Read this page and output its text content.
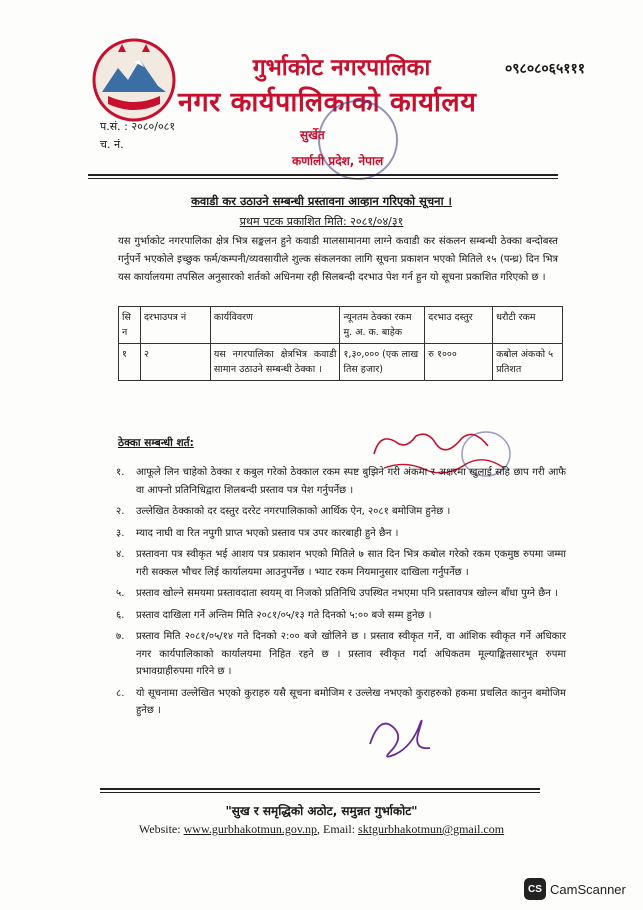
गुर्भाकोट नगरपालिका
नगर कार्यपालिकाको कार्यालय
०९८०८०६५१११
प.सं. : २०८०/०८१
च. नं.
सुर्खेत
कर्णाली प्रदेश, नेपाल
कवाडी कर उठाउने सम्बन्धी प्रस्तावना आव्हान गरिएको सूचना ।
प्रथम पटक प्रकाशित मिति: २०८१/०४/३१
यस गुर्भाकोट नगरपालिका क्षेत्र भित्र सङ्कलन हुने कवाडी मालसामानमा लाग्ने कवाडी कर संकलन सम्बन्धी ठेक्का बन्दोबस्त गर्नुपर्ने भएकोले इच्छुक फर्म/कम्पनी/व्यवसायीले शुल्क संकलनका लागि सूचना प्रकाशन भएको मितिले १५ (पन्ध्र) दिन भित्र यस कार्यालयमा तपसिल अनुसारको शर्तको अधिनमा रही सिलबन्दी दरभाउ पेश गर्न हुन यो सूचना प्रकाशित गरिएको छ ।
सि न	दरभाउपत्र नं	कार्यविवरण	न्यूनतम ठेक्का रकम मु. अ. क. बाहेक	दरभाउ दस्तुर	धरौटी रकम
१	२	यस नगरपालिका क्षेत्रभित्र कवाडी सामान उठाउने सम्बन्धी ठेक्का ।	१,३०,००० (एक लाख तिस हजार)	रु १०००	कबोल अंकको ५ प्रतिशत
ठेक्का सम्बन्धी शर्त:
१.	आफूले लिन चाहेको ठेक्का र कबुल गरेको ठेक्काल रकम स्पष्ट बुझिने गरी अंकमा र अक्षरमा खुलाई सहि छाप गरी आफै वा आफ्नो प्रतिनिधिद्वारा शिलबन्दी प्रस्ताव पत्र पेश गर्नुपर्नेछ ।
२.	उल्लेखित ठेक्काको दर दस्तुर दररेट नगरपालिकाको आर्थिक ऐन, २०८१ बमोजिम हुनेछ ।
३.	म्याद नाघी वा रित नपुगी प्राप्त भएको प्रस्ताव पत्र उपर कारबाही हुने छैन ।
४.	प्रस्तावना पत्र स्वीकृत भई आशय पत्र प्रकाशन भएको मितिले ७ सात दिन भित्र कबोल गरेको रकम एकमुष्ठ रुपमा जम्मा गरी सक्कल भौचर लिई कार्यालयमा आउनुपर्नेछ । भ्याट रकम नियमानुसार दाखिला गर्नुपर्नेछ ।
५.	प्रस्ताव खोल्ने समयमा प्रस्तावदाता स्वयम् वा निजको प्रतिनिधि उपस्थित नभएमा पनि प्रस्तावपत्र खोल्न बाँधा पुग्ने छैन ।
६.	प्रस्ताव दाखिला गर्ने अन्तिम मिति २०८१/०५/१३ गते दिनको ५:०० बजे सम्म हुनेछ ।
७.	प्रस्ताव मिति २०८१/०५/१४ गते दिनको २:०० बजे खोलिने छ । प्रस्ताव स्वीकृत गर्ने, वा आंशिक स्वीकृत गर्ने अधिकार नगर कार्यपालिकाको कार्यालयमा निहित रहने छ । प्रस्ताव स्वीकृत गर्दा अधिकतम मूल्याङ्कितसारभूत रुपमा प्रभावग्राहीरुपमा गरिने छ ।
८.	यो सूचनामा उल्लेखित भएको कुराहरु यसै सूचना बमोजिम र उल्लेख नभएको कुराहरुको हकमा प्रचलित कानुन बमोजिम हुनेछ ।
"सुख र समृद्धिको अठोट, समुन्नत गुर्भाकोट"
Website: www.gurbhakotmun.gov.np, Email: sktgurbhakotmun@gmail.com
CS CamScanner
